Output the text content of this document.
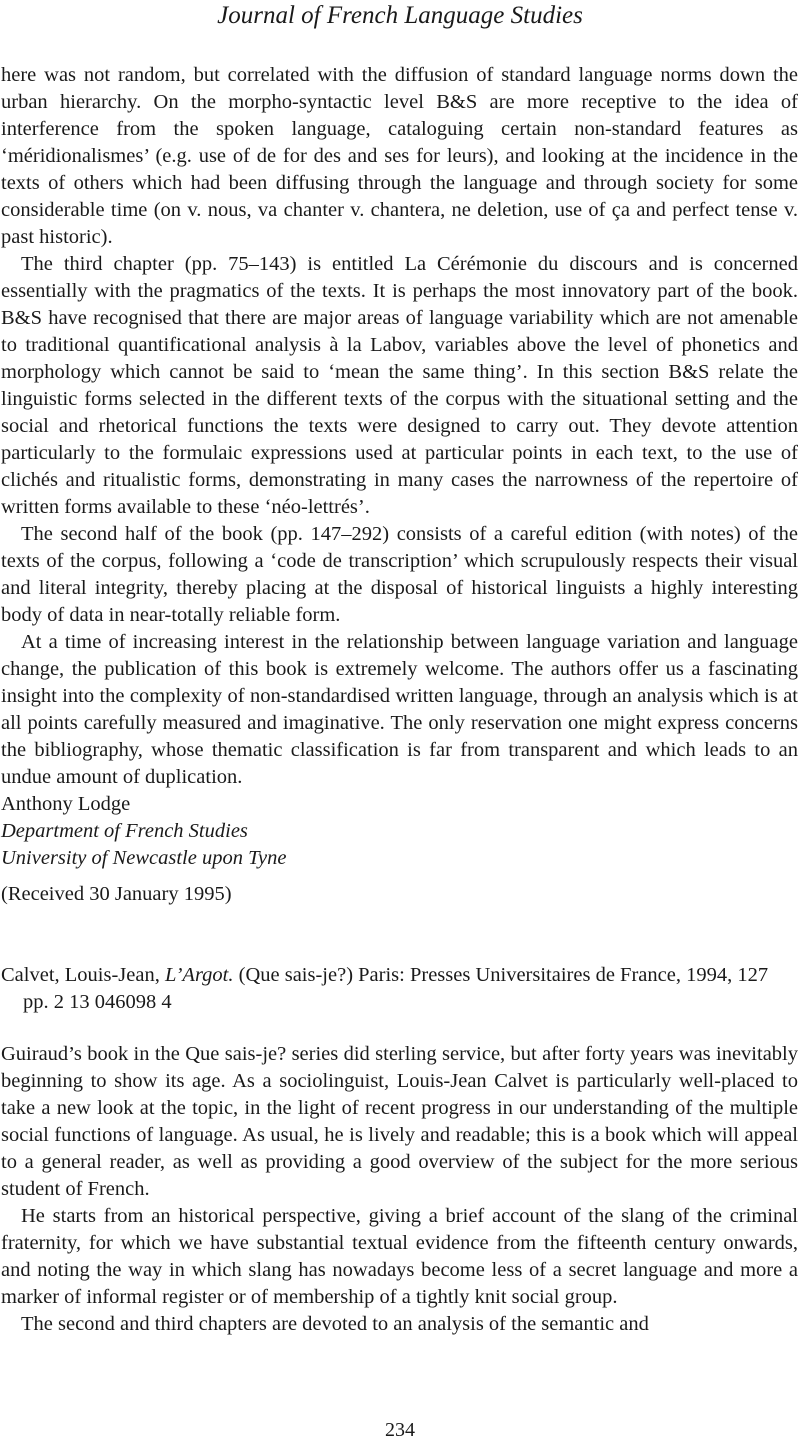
Journal of French Language Studies

here was not random, but correlated with the diffusion of standard language norms down the urban hierarchy. On the morpho-syntactic level B&S are more receptive to the idea of interference from the spoken language, cataloguing certain non-standard features as ‘méridionalismes’ (e.g. use of de for des and ses for leurs), and looking at the incidence in the texts of others which had been diffusing through the language and through society for some considerable time (on v. nous, va chanter v. chantera, ne deletion, use of ça and perfect tense v. past historic).

The third chapter (pp. 75–143) is entitled La Cérémonie du discours and is concerned essentially with the pragmatics of the texts. It is perhaps the most innovatory part of the book. B&S have recognised that there are major areas of language variability which are not amenable to traditional quantificational analysis à la Labov, variables above the level of phonetics and morphology which cannot be said to ‘mean the same thing’. In this section B&S relate the linguistic forms selected in the different texts of the corpus with the situational setting and the social and rhetorical functions the texts were designed to carry out. They devote attention particularly to the formulaic expressions used at particular points in each text, to the use of clichés and ritualistic forms, demonstrating in many cases the narrowness of the repertoire of written forms available to these ‘néo-lettrés’.

The second half of the book (pp. 147–292) consists of a careful edition (with notes) of the texts of the corpus, following a ‘code de transcription’ which scrupulously respects their visual and literal integrity, thereby placing at the disposal of historical linguists a highly interesting body of data in near-totally reliable form.

At a time of increasing interest in the relationship between language variation and language change, the publication of this book is extremely welcome. The authors offer us a fascinating insight into the complexity of non-standardised written language, through an analysis which is at all points carefully measured and imaginative. The only reservation one might express concerns the bibliography, whose thematic classification is far from transparent and which leads to an undue amount of duplication.

Anthony Lodge

Department of French Studies

University of Newcastle upon Tyne

(Received 30 January 1995)
Calvet, Louis-Jean, L’Argot. (Que sais-je?) Paris: Presses Universitaires de France, 1994, 127 pp. 2 13 046098 4

Guiraud’s book in the Que sais-je? series did sterling service, but after forty years was inevitably beginning to show its age. As a sociolinguist, Louis-Jean Calvet is particularly well-placed to take a new look at the topic, in the light of recent progress in our understanding of the multiple social functions of language. As usual, he is lively and readable; this is a book which will appeal to a general reader, as well as providing a good overview of the subject for the more serious student of French.

He starts from an historical perspective, giving a brief account of the slang of the criminal fraternity, for which we have substantial textual evidence from the fifteenth century onwards, and noting the way in which slang has nowadays become less of a secret language and more a marker of informal register or of membership of a tightly knit social group.

The second and third chapters are devoted to an analysis of the semantic and

234
